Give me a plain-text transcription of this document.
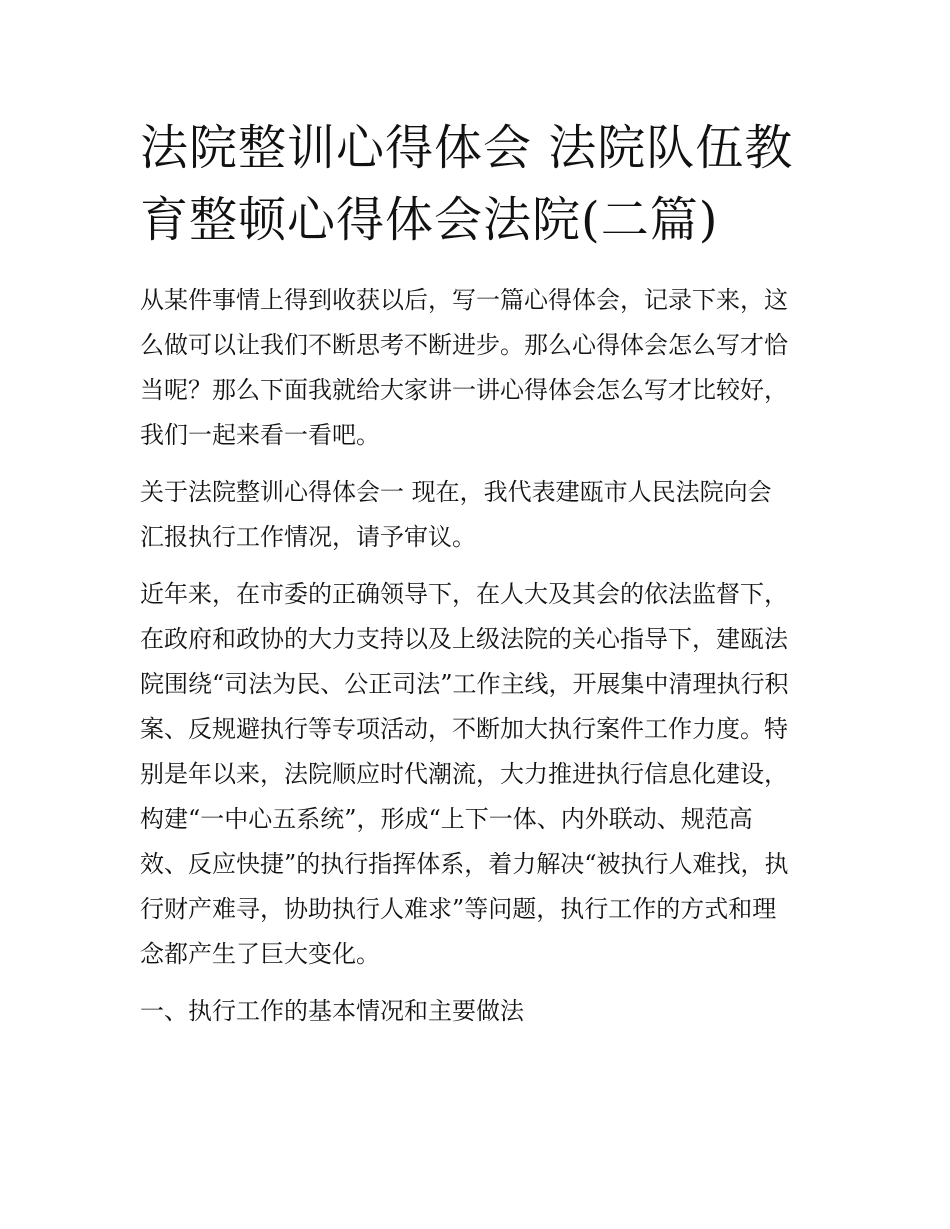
法院整训心得体会 法院队伍教
育整顿心得体会法院(二篇)

从某件事情上得到收获以后，写一篇心得体会，记录下来，这
么做可以让我们不断思考不断进步。那么心得体会怎么写才恰
当呢？那么下面我就给大家讲一讲心得体会怎么写才比较好，
我们一起来看一看吧。

关于法院整训心得体会一 现在，我代表建瓯市人民法院向会
汇报执行工作情况，请予审议。

近年来，在市委的正确领导下，在人大及其会的依法监督下，
在政府和政协的大力支持以及上级法院的关心指导下，建瓯法
院围绕“司法为民、公正司法”工作主线，开展集中清理执行积
案、反规避执行等专项活动，不断加大执行案件工作力度。特
别是年以来，法院顺应时代潮流，大力推进执行信息化建设，
构建“一中心五系统”，形成“上下一体、内外联动、规范高
效、反应快捷”的执行指挥体系，着力解决“被执行人难找，执
行财产难寻，协助执行人难求”等问题，执行工作的方式和理
念都产生了巨大变化。

一、执行工作的基本情况和主要做法
